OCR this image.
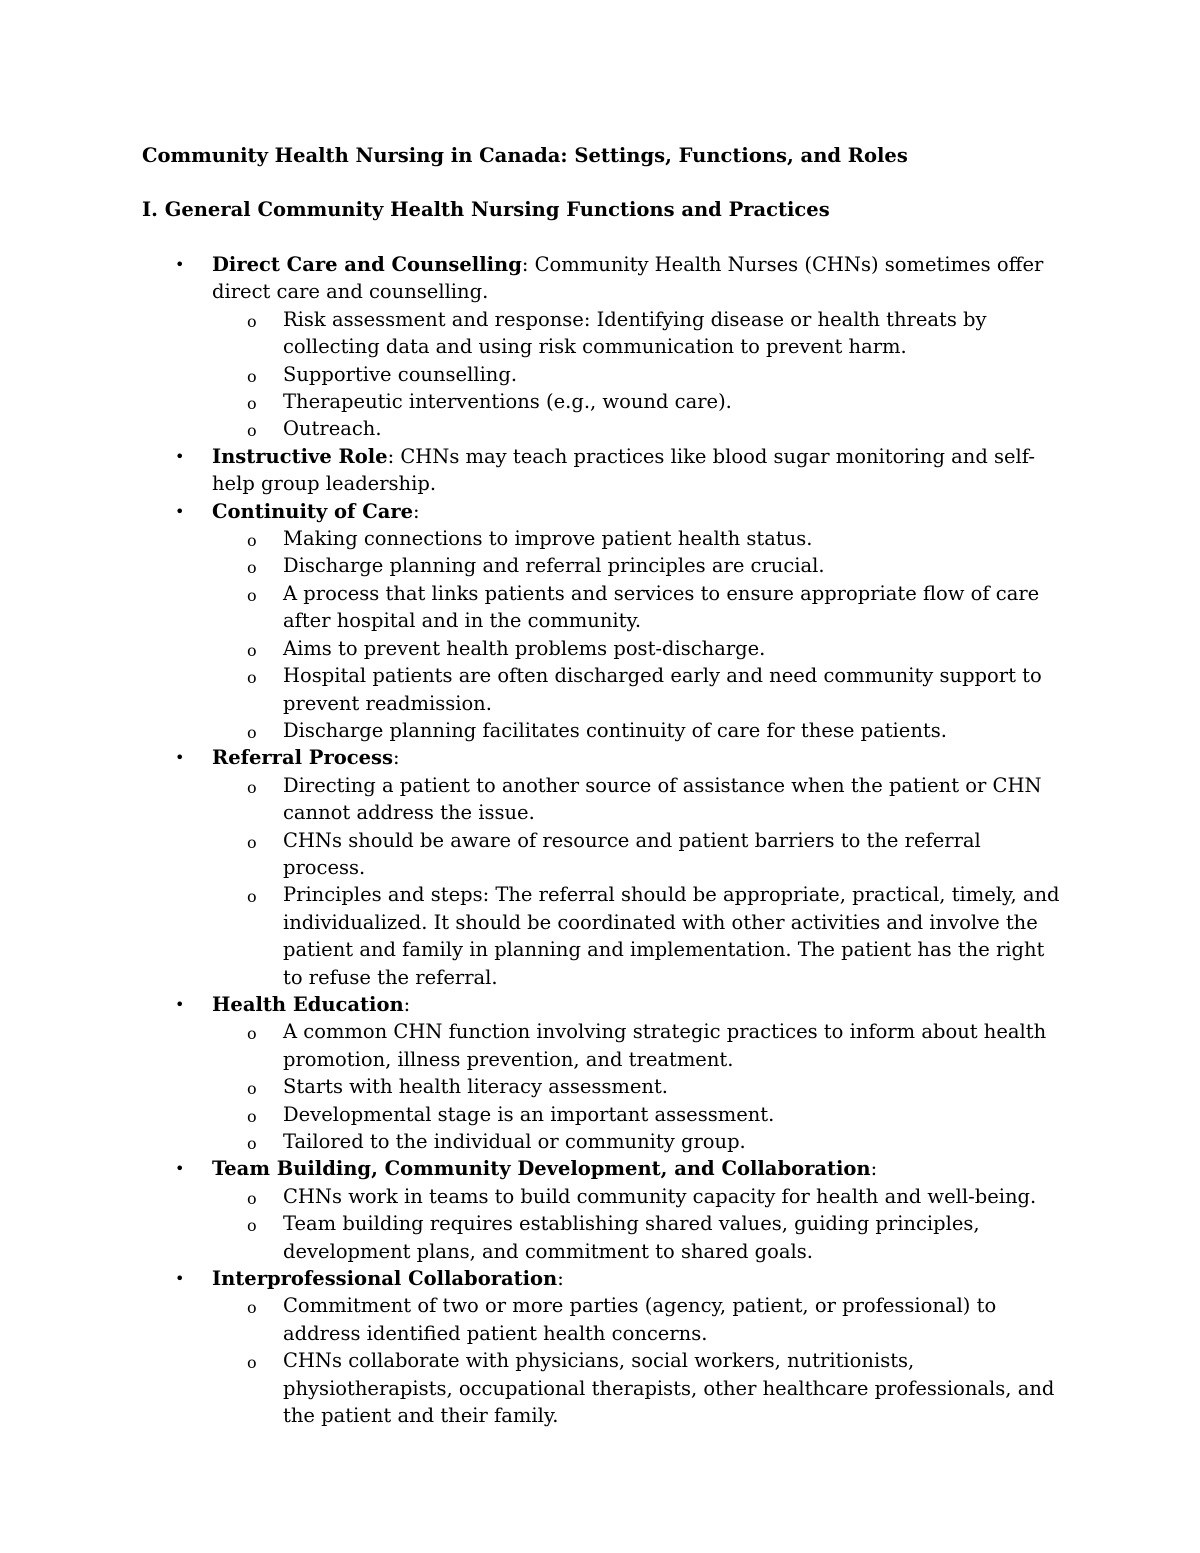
Community Health Nursing in Canada: Settings, Functions, and Roles
I. General Community Health Nursing Functions and Practices
• Direct Care and Counselling: Community Health Nurses (CHNs) sometimes offer direct care and counselling.
o Risk assessment and response: Identifying disease or health threats by collecting data and using risk communication to prevent harm.
o Supportive counselling.
o Therapeutic interventions (e.g., wound care).
o Outreach.
• Instructive Role: CHNs may teach practices like blood sugar monitoring and self-help group leadership.
• Continuity of Care:
o Making connections to improve patient health status.
o Discharge planning and referral principles are crucial.
o A process that links patients and services to ensure appropriate flow of care after hospital and in the community.
o Aims to prevent health problems post-discharge.
o Hospital patients are often discharged early and need community support to prevent readmission.
o Discharge planning facilitates continuity of care for these patients.
• Referral Process:
o Directing a patient to another source of assistance when the patient or CHN cannot address the issue.
o CHNs should be aware of resource and patient barriers to the referral process.
o Principles and steps: The referral should be appropriate, practical, timely, and individualized. It should be coordinated with other activities and involve the patient and family in planning and implementation. The patient has the right to refuse the referral.
• Health Education:
o A common CHN function involving strategic practices to inform about health promotion, illness prevention, and treatment.
o Starts with health literacy assessment.
o Developmental stage is an important assessment.
o Tailored to the individual or community group.
• Team Building, Community Development, and Collaboration:
o CHNs work in teams to build community capacity for health and well-being.
o Team building requires establishing shared values, guiding principles, development plans, and commitment to shared goals.
• Interprofessional Collaboration:
o Commitment of two or more parties (agency, patient, or professional) to address identified patient health concerns.
o CHNs collaborate with physicians, social workers, nutritionists, physiotherapists, occupational therapists, other healthcare professionals, and the patient and their family.
